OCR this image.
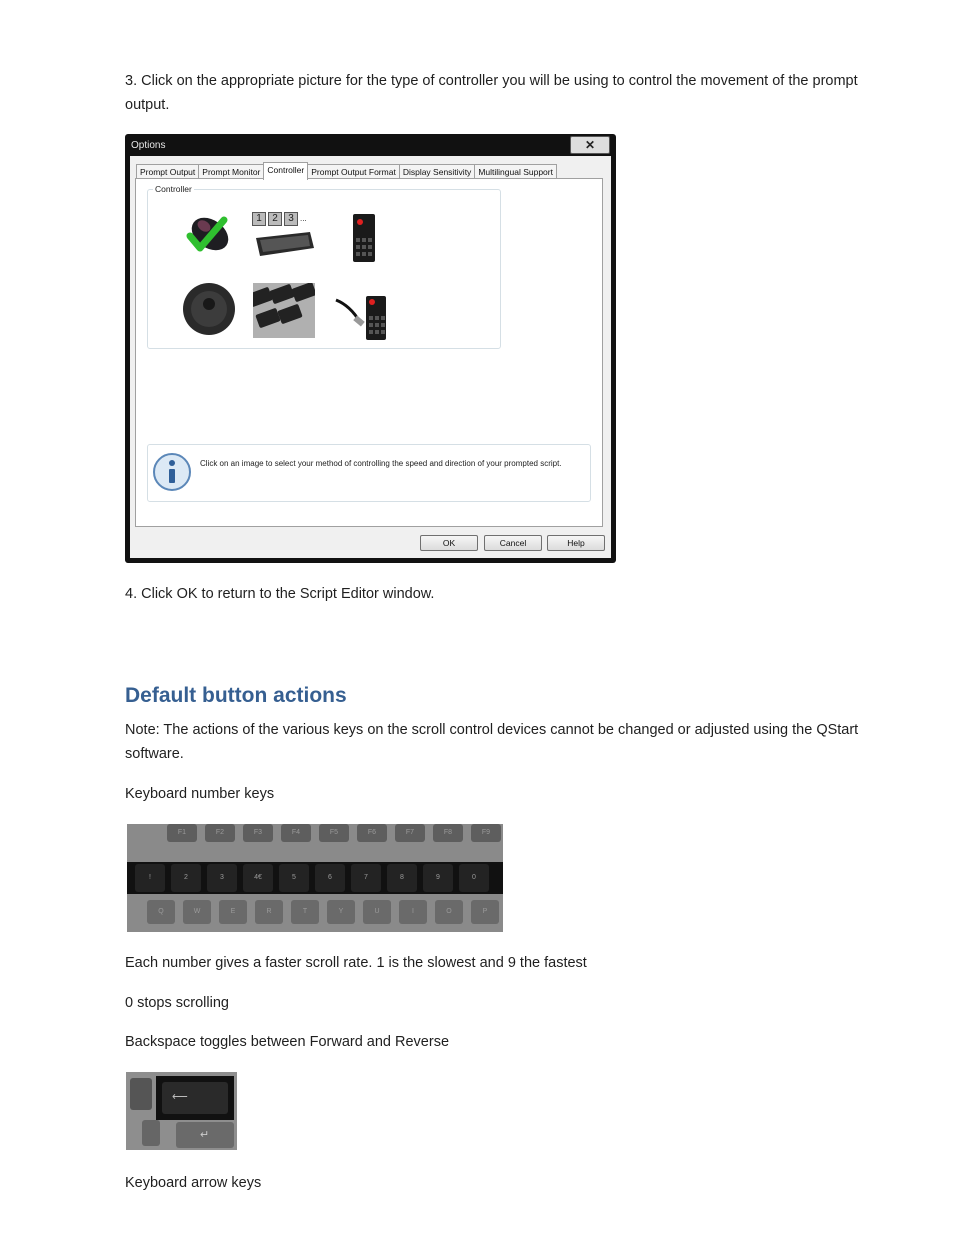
3. Click on the appropriate picture for the type of controller you will be using to control the movement of the prompt output.

Options	✕
Prompt Output Prompt Monitor Controller Prompt Output Format Display Sensitivity Multilingual Support
Controller
1	2	3 ...
Click on an image to select your method of controlling the speed and direction of your prompted script.
OK	Cancel	Help

4. Click OK to return to the Script Editor window.

Default button actions

Note: The actions of the various keys on the scroll control devices cannot be changed or adjusted using the QStart software.

Keyboard number keys

F1	F2	F3	F4	F5	F6	F7	F8	F9
!	2	3	4€	5	6	7	8	9	0
Q	W	E	R	T	Y	U	I	O	P

Each number gives a faster scroll rate. 1 is the slowest and 9 the fastest

0 stops scrolling

Backspace toggles between Forward and Reverse

⟵
↵

Keyboard arrow keys
